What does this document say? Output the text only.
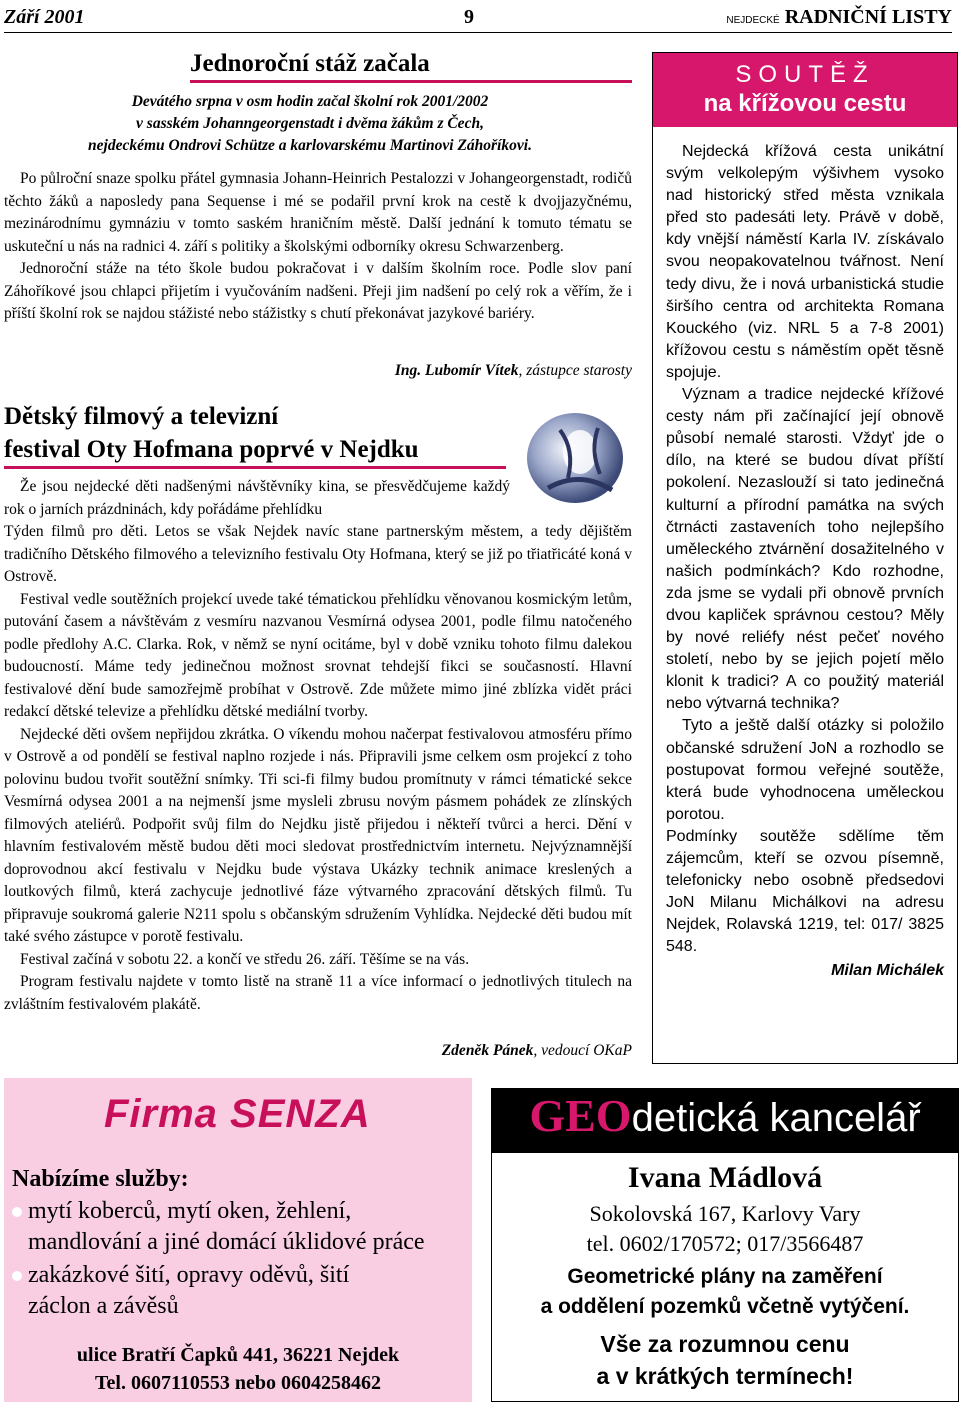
Září 2001	9	NEJDECKÉ RADNIČNÍ LISTY
Jednoroční stáž začala
Devátého srpna v osm hodin začal školní rok 2001/2002
v sasském Johanngeorgenstadt i dvěma žákům z Čech,
nejdeckému Ondrovi Schütze a karlovarskému Martinovi Záhoříkovi.

Po půlroční snaze spolku přátel gymnasia Johann-Heinrich Pestalozzi v Johangeorgenstadt, rodičů těchto žáků a naposledy pana Sequense i mé se podařil první krok na cestě k dvojjazyčnému, mezinárodnímu gymnáziu v tomto saském hraničním městě. Další jednání k tomuto tématu se uskuteční u nás na radnici 4. září s politiky a školskými odborníky okresu Schwarzenberg.

Jednoroční stáže na této škole budou pokračovat i v dalším školním roce. Podle slov paní Záhoříkové jsou chlapci přijetím i vyučováním nadšeni. Přeji jim nadšení po celý rok a věřím, že i příští školní rok se najdou stážisté nebo stážistky s chutí překonávat jazykové bariéry.

Ing. Lubomír Vítek, zástupce starosty
Dětský filmový a televizní
festival Oty Hofmana poprvé v Nejdku

Že jsou nejdecké děti nadšenými návštěvníky kina, se přesvědčujeme každý rok o jarních prázdninách, kdy pořádáme přehlídku

Týden filmů pro děti. Letos se však Nejdek navíc stane partnerským městem, a tedy dějištěm tradičního Dětského filmového a televizního festivalu Oty Hofmana, který se již po třiatřicáté koná v Ostrově.

Festival vedle soutěžních projekcí uvede také tématickou přehlídku věnovanou kosmickým letům, putování časem a návštěvám z vesmíru nazvanou Vesmírná odysea 2001, podle filmu natočeného podle předlohy A.C. Clarka. Rok, v němž se nyní ocitáme, byl v době vzniku tohoto filmu dalekou budoucností. Máme tedy jedinečnou možnost srovnat tehdejší fikci se současností. Hlavní festivalové dění bude samozřejmě probíhat v Ostrově. Zde můžete mimo jiné zblízka vidět práci redakcí dětské televize a přehlídku dětské mediální tvorby.

Nejdecké děti ovšem nepřijdou zkrátka. O víkendu mohou načerpat festivalovou atmosféru přímo v Ostrově a od pondělí se festival naplno rozjede i nás. Připravili jsme celkem osm projekcí z toho polovinu budou tvořit soutěžní snímky. Tři sci-fi filmy budou promítnuty v rámci tématické sekce Vesmírná odysea 2001 a na nejmenší jsme mysleli zbrusu novým pásmem pohádek ze zlínských filmových ateliérů. Podpořit svůj film do Nejdku jistě přijedou i někteří tvůrci a herci. Dění v hlavním festivalovém městě budou děti moci sledovat prostřednictvím internetu. Nejvýznamnější doprovodnou akcí festivalu v Nejdku bude výstava Ukázky technik animace kreslených a loutkových filmů, která zachycuje jednotlivé fáze výtvarného zpracování dětských filmů. Tu připravuje soukromá galerie N211 spolu s občanským sdružením Vyhlídka. Nejdecké děti budou mít také svého zástupce v porotě festivalu.

Festival začíná v sobotu 22. a končí ve středu 26. září. Těšíme se na vás.

Program festivalu najdete v tomto listě na straně 11 a více informací o jednotlivých titulech na zvláštním festivalovém plakátě.

Zdeněk Pánek, vedoucí OKaP
SOUTĚŽ
na křížovou cestu

Nejdecká křížová cesta unikátní svým velkolepým výšivhem vysoko nad historický střed města vznikala před sto padesáti lety. Právě v době, kdy vnější náměstí Karla IV. získávalo svou neopakovatelnou tvářnost. Není tedy divu, že i nová urbanistická studie širšího centra od architekta Romana Kouckého (viz. NRL 5 a 7-8 2001) křížovou cestu s náměstím opět těsně spojuje.

Význam a tradice nejdecké křížové cesty nám při začínající její obnově působí nemalé starosti. Vždyť jde o dílo, na které se budou dívat příští pokolení. Nezaslouží si tato jedinečná kulturní a přírodní památka na svých čtrnácti zastaveních toho nejlepšího uměleckého ztvárnění dosažitelného v našich podmínkách? Kdo rozhodne, zda jsme se vydali při obnově prvních dvou kapliček správnou cestou? Měly by nové reliéfy nést pečeť nového století, nebo by se jejich pojetí mělo klonit k tradici? A co použitý materiál nebo výtvarná technika?

Tyto a ještě další otázky si položilo občanské sdružení JoN a rozhodlo se postupovat formou veřejné soutěže, která bude vyhodnocena uměleckou porotou.

Podmínky soutěže sdělíme těm zájemcům, kteří se ozvou písemně, telefonicky nebo osobně předsedovi JoN Milanu Michálkovi na adresu Nejdek, Rolavská 1219, tel: 017/ 3825 548.

Milan Michálek
Firma SENZA
Nabízíme služby:
mytí koberců, mytí oken, žehlení,
mandlování a jiné domácí úklidové práce
zakázkové šití, opravy oděvů, šití
záclon a závěsů
ulice Bratří Čapků 441, 36221 Nejdek
Tel. 0607110553 nebo 0604258462
GEOdetická kancelář
Ivana Mádlová
Sokolovská 167, Karlovy Vary
tel. 0602/170572; 017/3566487
Geometrické plány na zaměření
a oddělení pozemků včetně vytýčení.
Vše za rozumnou cenu
a v krátkých termínech!
